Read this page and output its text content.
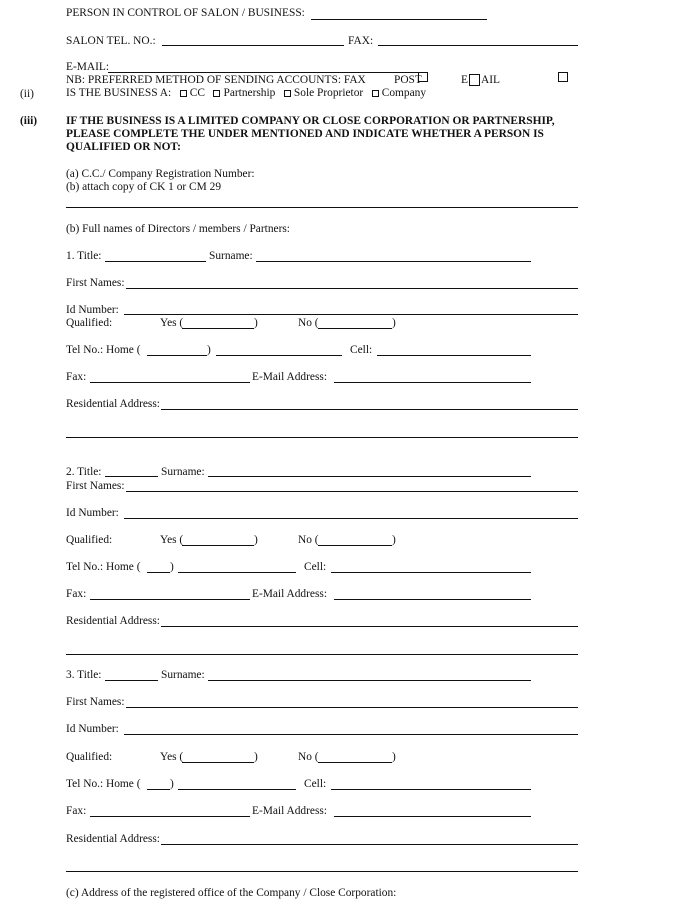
PERSON IN CONTROL OF SALON / BUSINESS:
SALON TEL. NO.:	FAX:
E-MAIL:
NB: PREFERRED METHOD OF SENDING ACCOUNTS: FAX POST	E AIL
(ii)	IS THE BUSINESS A: CC Partnership Sole Proprietor Company
(iii)	IF THE BUSINESS IS A LIMITED COMPANY OR CLOSE CORPORATION OR PARTNERSHIP,
PLEASE COMPLETE THE UNDER MENTIONED AND INDICATE WHETHER A PERSON IS
QUALIFIED OR NOT:
(a) C.C./ Company Registration Number:
(b) attach copy of CK 1 or CM 29
(b) Full names of Directors / members / Partners:
1. Title:	Surname:
First Names:
Id Number:
Qualified:	Yes (	)	No (	)
Tel No.: Home (	)	Cell:
Fax:	E-Mail Address:
Residential Address:
2. Title:	Surname:
First Names:
Id Number:
Qualified:	Yes (	)	No (	)
Tel No.: Home (	)	Cell:
Fax:	E-Mail Address:
Residential Address:
3. Title:	Surname:
First Names:
Id Number:
Qualified:	Yes (	)	No (	)
Tel No.: Home (	)	Cell:
Fax:	E-Mail Address:
Residential Address:
(c) Address of the registered office of the Company / Close Corporation:
